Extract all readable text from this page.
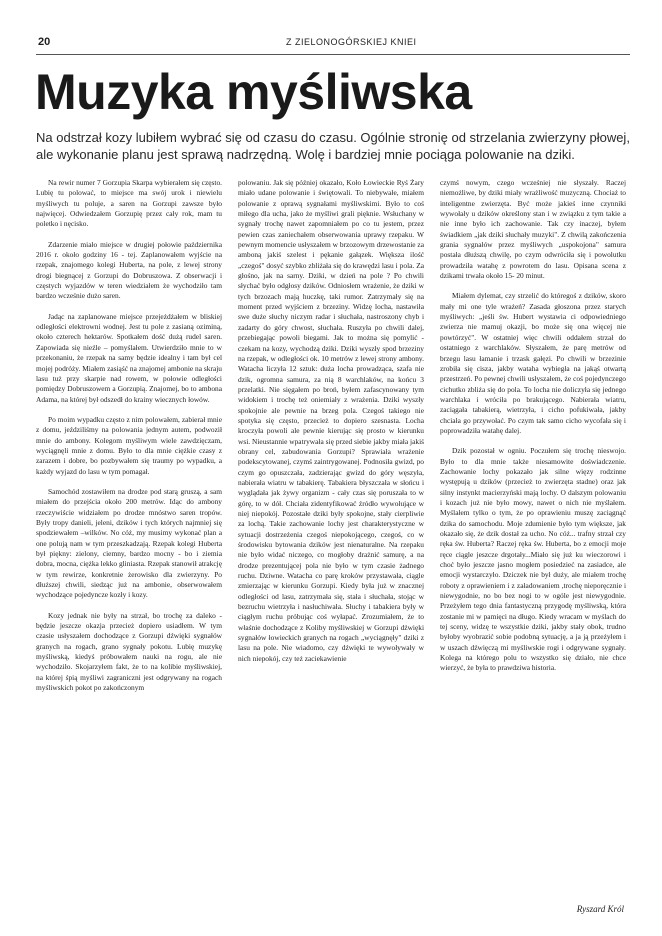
20	Z ZIELONOGÓRSKIEJ KNIEI
Muzyka myśliwska

Na odstrzał kozy lubiłem wybrać się od czasu do czasu. Ogólnie stronię od strzelania zwierzyny płowej, ale wykonanie planu jest sprawą nadrzędną. Wolę i bardziej mnie pociąga polowanie na dziki.

Na rewir numer 7 Gorzupia Skarpa wybierałem się często. Lubię tu polować, to miejsce ma swój urok i niewielu myśliwych tu poluje, a saren na Gorzupi zawsze było najwięcej. Odwiedzałem Gorzupię przez cały rok, mam tu poletko i nęcisko.

Zdarzenie miało miejsce w drugiej połowie października 2016 r. około godziny 16 - tej. Zaplanowałem wyjście na rzepak, znajomego kolegi Huberta, na pole, z lewej strony drogi biegnącej z Gorzupi do Dobruszowa. Z obserwacji i częstych wyjazdów w teren wiedziałem że wychodziło tam bardzo wcześnie dużo saren.

Jadąc na zaplanowane miejsce przejeżdżałem w bliskiej odległości elektrowni wodnej. Jest tu pole z zasianą oziminą, około czterech hektarów. Spotkałem dość dużą rudel saren. Zapowiada się nieźle – pomyślałem. Utwierdziło mnie to w przekonaniu, że rzepak na samy będzie idealny i tam był cel mojej podróży. Miałem zasiąść na znajomej ambonie na skraju lasu tuż przy skarpie nad rowem, w połowie odległości pomiędzy Dobruszowem a Gorzupią. Znajomej, bo to ambona Adama, na której był odszedł do krainy wiecznych łowów.

Po moim wypadku często z nim polowałem, zabierał mnie z domu, jeździliśmy na polowania jednym autem, podwoził mnie do ambony. Kolegom myśliwym wiele zawdzięczam, wyciągnęli mnie z domu. Było to dla mnie ciężkie czasy z zarazem i dobre, bo pozbywałem się traumy po wypadku, a każdy wyjazd do lasu w tym pomagał.

Samochód zostawiłem na drodze pod starą gruszą, a sam miałem do przejścia około 200 metrów. Idąc do ambony rzeczywiście widziałem po drodze mnóstwo saren tropów. Były tropy danieli, jeleni, dzików i tych których najmniej się spodziewałem –wilków. No cóż, my musimy wykonać plan a one polują nam w tym przeszkadzają. Rzepak kolegi Huberta był piękny: zielony, ciemny, bardzo mocny - bo i ziemia dobra, mocna, ciężka lekko gliniasta. Rzepak stanowił atrakcję w tym rewirze, konkretnie żerowisko dla zwierzyny. Po dłuższej chwili, siedząc już na ambonie, obserwowałem wychodzące pojedyncze kozły i kozy.

Kozy jednak nie były na strzał, bo trochę za daleko - będzie jeszcze okazja przecież dopiero usiadłem. W tym czasie usłyszałem dochodzące z Gorzupi dźwięki sygnałów granych na rogach, grano sygnały pokotu. Lubię muzykę myśliwską, kiedyś próbowałem nauki na rogu, ale nie wychodziło. Skojarzyłem fakt, że to na kolibie myśliwskiej, na której śpią myśliwi zagraniczni jest odgrywany na rogach myśliwskich pokot po zakończonym

polowaniu. Jak się później okazało, Koło Łowieckie Ryś Żary miało udane polowanie i świętowali. To niebywałe, miałem polowanie z oprawą sygnałami myśliwskimi. Było to coś miłego dla ucha, jako że myśliwi grali pięknie. Wsłuchany w sygnały trochę nawet zapomniałem po co tu jestem, przez pewien czas zaniechałem obserwowania uprawy rzepaku. W pewnym momencie usłyszałem w brzozowym drzewostanie za amboną jakiś szelest i pękanie gałązek. Większa ilość „czegoś" dosyć szybko zbliżała się do krawędzi lasu i pola. Za głośno, jak na sarny. Dziki, w dzień na pole ? Po chwili słychać było odgłosy dzików. Odniosłem wrażenie, że dziki w tych brzozach mają huczkę, taki rumor. Zatrzymały się na moment przed wyjściem z brzeziny. Widzę locha, nastawiła swe duże słuchy niczym radar i słuchała, nastroszony chyb i zadarty do góry chwost, słuchała. Ruszyła po chwili dalej, przebiegając powoli biegami. Jak to można się pomylić - czekam na kozy, wychodzą dziki. Dziki wyszły spod brzeziny na rzepak, w odległości ok. 10 metrów z lewej strony ambony. Watacha liczyła 12 sztuk: duża locha prowadząca, szafa nie dzik, ogromna samura, za nią 8 warchlaków, na końcu 3 przelatki. Nie sięgałem po broń, byłem zafascynowany tym widokiem i trochę też oniemiały z wrażenia. Dziki wyszły spokojnie ale pewnie na brzeg pola. Czegoś takiego nie spotyka się często, przecież to dopiero szesnasta. Locha kroczyła powoli ale pewnie kierując się prosto w kierunku wsi. Nieustannie wpatrywała się przed siebie jakby miała jakiś obrany cel, zabudowania Gorzupi? Sprawiała wrażenie podekscytowanej, czymś zaintrygowanej. Podnosiła gwizd, po czym go opuszczała, zadzierając gwizd do góry węszyła, nabierała wiatru w tabakierę. Tabakiera błyszczała w słońcu i wyglądała jak żywy organizm - cały czas się poruszała to w górę, to w dół. Chciała zidentyfikować źródło wywołujące w niej niepokój. Pozostałe dziki były spokojne, stały cierpliwie za lochą. Takie zachowanie lochy jest charakterystyczne w sytuacji dostrzeżenia czegoś niepokojącego, czegoś, co w środowisku bytowania dzików jest nienaturalne. Na rzepaku nie było widać niczego, co mogłoby drażnić samurę, a na drodze prezentującej pola nie było w tym czasie żadnego ruchu. Dziwne. Watacha co parę kroków przystawała, ciągle zmierzając w kierunku Gorzupi. Kiedy była już w znacznej odległości od lasu, zatrzymała się, stała i słuchała, stojąc w bezruchu wietrzyła i nasłuchiwała. Słuchy i tabakiera były w ciągłym ruchu próbując coś wyłapać. Zrozumiałem, że to właśnie dochodzące z Koliby myśliwskiej w Gorzupi dźwięki sygnałów łowieckich granych na rogach „wyciągnęły" dziki z lasu na pole. Nie wiadomo, czy dźwięki te wywoływały w nich niepokój, czy też zaciekawienie

czymś nowym, czego wcześniej nie słyszały. Raczej niemożliwe, by dziki miały wrażliwość muzyczną. Chociaż to inteligentne zwierzęta. Być może jakieś inne czynniki wywołały u dzików określony stan i w związku z tym takie a nie inne było ich zachowanie. Tak czy inaczej, byłem świadkiem „jak dziki słuchały muzyki". Z chwilą zakończenia grania sygnałów przez myśliwych „uspokojona" samura postała dłuższą chwilę, po czym odwróciła się i powolutku prowadziła watahę z powrotem do lasu. Opisana scena z dzikami trwała około 15- 20 minut.

Miałem dylemat, czy strzelić do któregoś z dzików, skoro mały mi one tyle wrażeń? Zasada głoszona przez starych myśliwych: „jeśli św. Hubert wystawia ci odpowiedniego zwierza nie mamuj okazji, bo może się ona więcej nie powtórzyć". W ostatniej więc chwili oddałem strzał do ostatniego z warchlaków. Słyszałem, że parę metrów od brzegu lasu łamanie i trzask gałęzi. Po chwili w brzezinie zrobiła się cisza, jakby wataha wybiegła na jakąś otwartą przestrzeń. Po pewnej chwili usłyszałem, że coś pojedynczego cichutko zbliża się do pola. To locha nie doliczyła się jednego warchlaka i wróciła po brakującego. Nabierała wiatru, zaciągała tabakierą, wietrzyła, i cicho pofukiwała, jakby chciała go przywołać. Po czym tak samo cicho wycofała się i poprowadziła watahę dalej.

Dzik pozostał w ogniu. Poczułem się trochę nieswojo. Było to dla mnie także niesamowite doświadczenie. Zachowanie lochy pokazało jak silne więzy rodzinne występują u dzików (przecież to zwierzęta stadne) oraz jak silny instynkt macierzyński mają lochy. O dalszym polowaniu i kozach już nie było mowy, nawet o nich nie myślałem. Myślałem tylko o tym, że po oprawieniu muszę zaciągnąć dzika do samochodu. Moje zdumienie było tym większe, jak okazało się, że dzik dostał za ucho. No cóż... trafny strzał czy ręka św. Huberta? Raczej ręka św. Huberta, bo z emocji moje ręce ciągle jeszcze drgotały...Miało się już ku wieczorowi i choć było jeszcze jasno mogłem posiedzieć na zasiadce, ale emocji wystarczyło. Dziczek nie był duży, ale miałem trochę roboty z oprawieniem i z załadowaniem ,trochę nieporęcznie i niewygodnie, no bo bez nogi to w ogóle jest niewygodnie. Przeżyłem tego dnia fantastyczną przygodę myśliwską, która zostanie mi w pamięci na długo. Kiedy wracam w myślach do tej sceny, widzę te wszystkie dziki, jakby stały obok, trudno byłoby wyobrazić sobie podobną sytuację, a ja ją przeżyłem i w uszach dźwięczą mi myśliwskie rogi i odgrywane sygnały. Kolega na którego polu to wszystko się działo, nie chce wierzyć, że była to prawdziwa historia.

Ryszard Król
